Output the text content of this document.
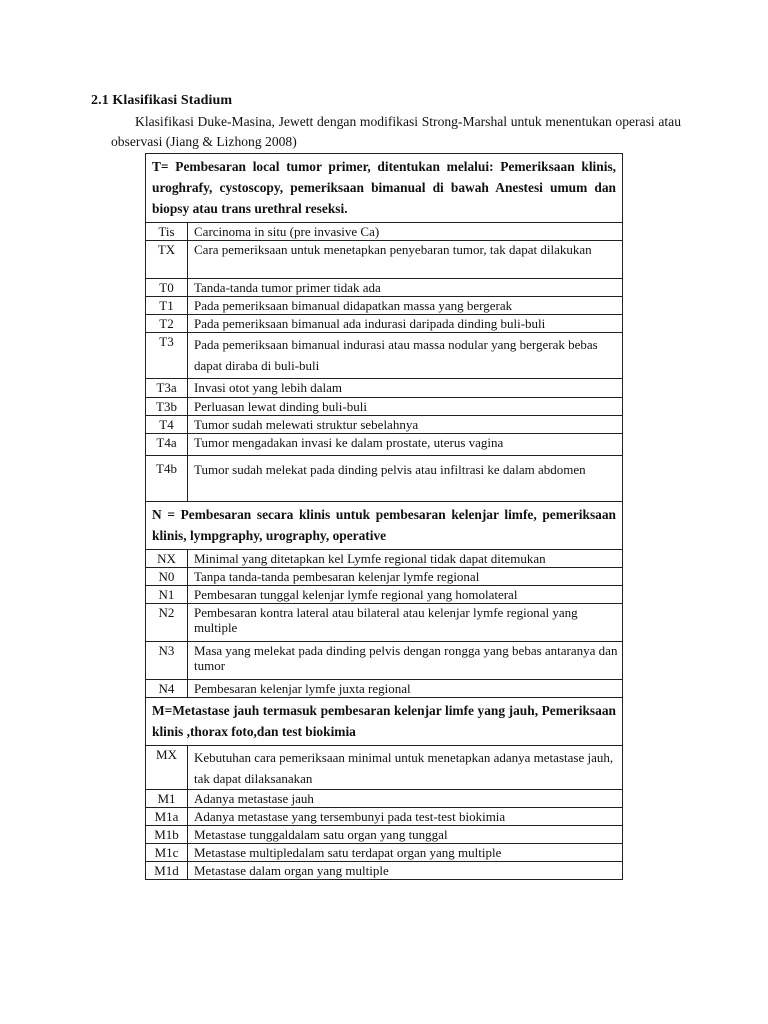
2.1 Klasifikasi Stadium
Klasifikasi Duke-Masina, Jewett dengan modifikasi Strong-Marshal untuk menentukan operasi atau observasi (Jiang & Lizhong 2008)
T= Pembesaran local tumor primer, ditentukan melalui: Pemeriksaan klinis, uroghrafy, cystoscopy, pemeriksaan bimanual di bawah Anestesi umum dan biopsy atau trans urethral reseksi.	
Tis	Carcinoma in situ (pre invasive Ca)
TX	Cara pemeriksaan untuk menetapkan penyebaran tumor, tak dapat dilakukan
T0	Tanda-tanda tumor primer tidak ada
T1	Pada pemeriksaan bimanual didapatkan massa yang bergerak
T2	Pada pemeriksaan bimanual ada indurasi daripada dinding buli-buli
T3	Pada pemeriksaan bimanual indurasi atau massa nodular yang bergerak bebas dapat diraba di buli-buli
T3a	Invasi otot yang lebih dalam
T3b	Perluasan lewat dinding buli-buli
T4	Tumor sudah melewati struktur sebelahnya
T4a	Tumor mengadakan invasi ke dalam prostate, uterus vagina
T4b	Tumor sudah melekat pada dinding pelvis atau infiltrasi ke dalam abdomen
N = Pembesaran secara klinis untuk pembesaran kelenjar limfe, pemeriksaan klinis, lympgraphy, urography, operative	
NX	Minimal yang ditetapkan kel Lymfe regional tidak dapat ditemukan
N0	Tanpa tanda-tanda pembesaran kelenjar lymfe regional
N1	Pembesaran tunggal kelenjar lymfe regional yang homolateral
N2	Pembesaran kontra lateral atau bilateral atau kelenjar lymfe regional yang multiple
N3	Masa yang melekat pada dinding pelvis dengan rongga yang bebas antaranya dan tumor
N4	Pembesaran kelenjar lymfe juxta regional
M=Metastase jauh termasuk pembesaran kelenjar limfe yang jauh, Pemeriksaan klinis ,thorax foto,dan test biokimia	
MX	Kebutuhan cara pemeriksaan minimal untuk menetapkan adanya metastase jauh, tak dapat dilaksanakan
M1	Adanya metastase jauh
M1a	Adanya metastase yang tersembunyi pada test-test biokimia
M1b	Metastase tunggaldalam satu organ yang tunggal
M1c	Metastase multipledalam satu terdapat organ yang multiple
M1d	Metastase dalam organ yang multiple
